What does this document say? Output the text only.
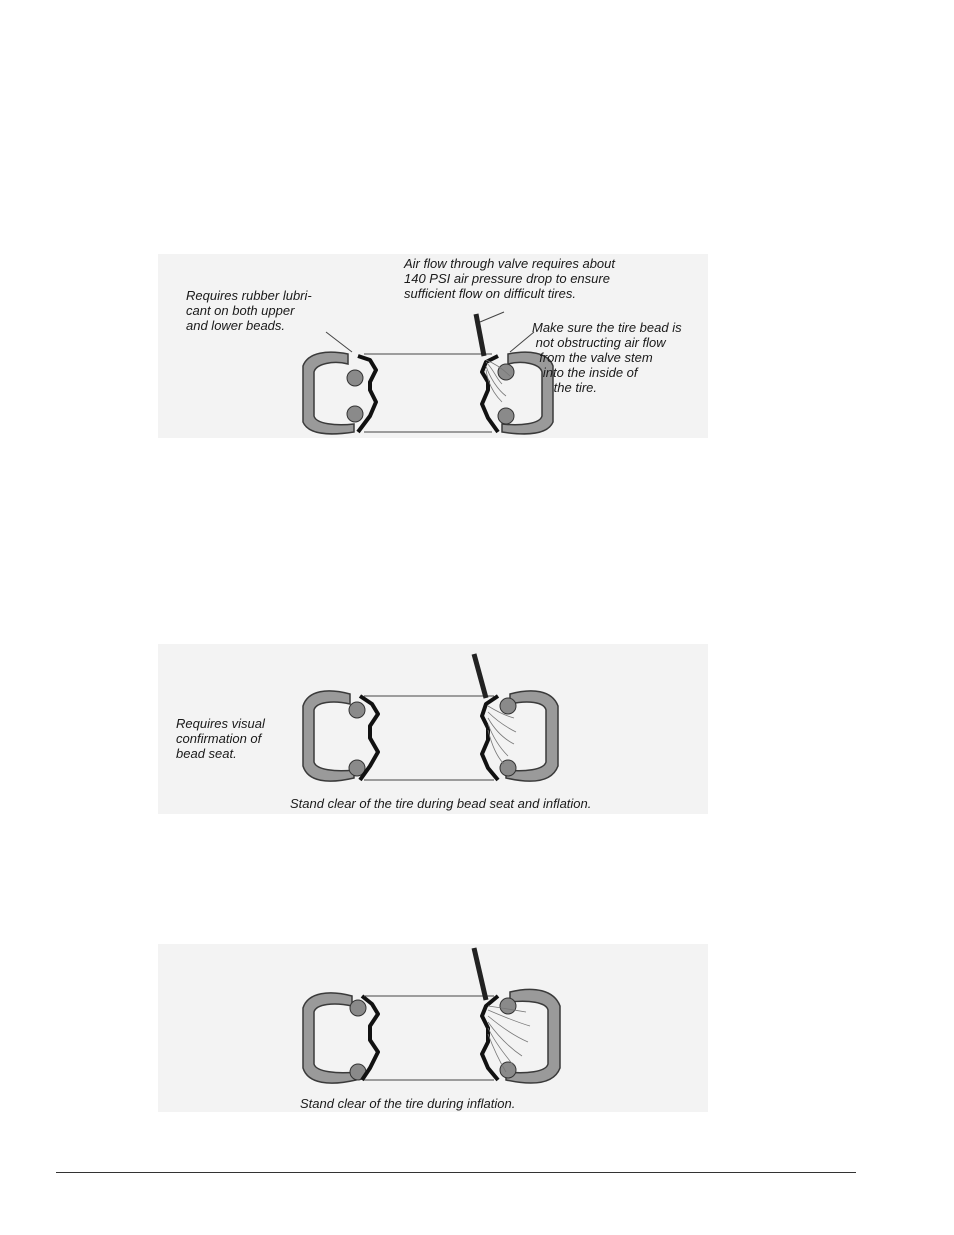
Requires rubber lubri-
cant on both upper
and lower beads.
Air flow through valve requires about
140 PSI air pressure drop to ensure
sufficient flow on difficult tires.
Make sure the tire bead is
not obstructing air flow
from the valve stem
into the inside of
the tire.
Requires visual
confirmation of
bead seat.
Stand clear of the tire during bead seat and inflation.
Stand clear of the tire during inflation.
